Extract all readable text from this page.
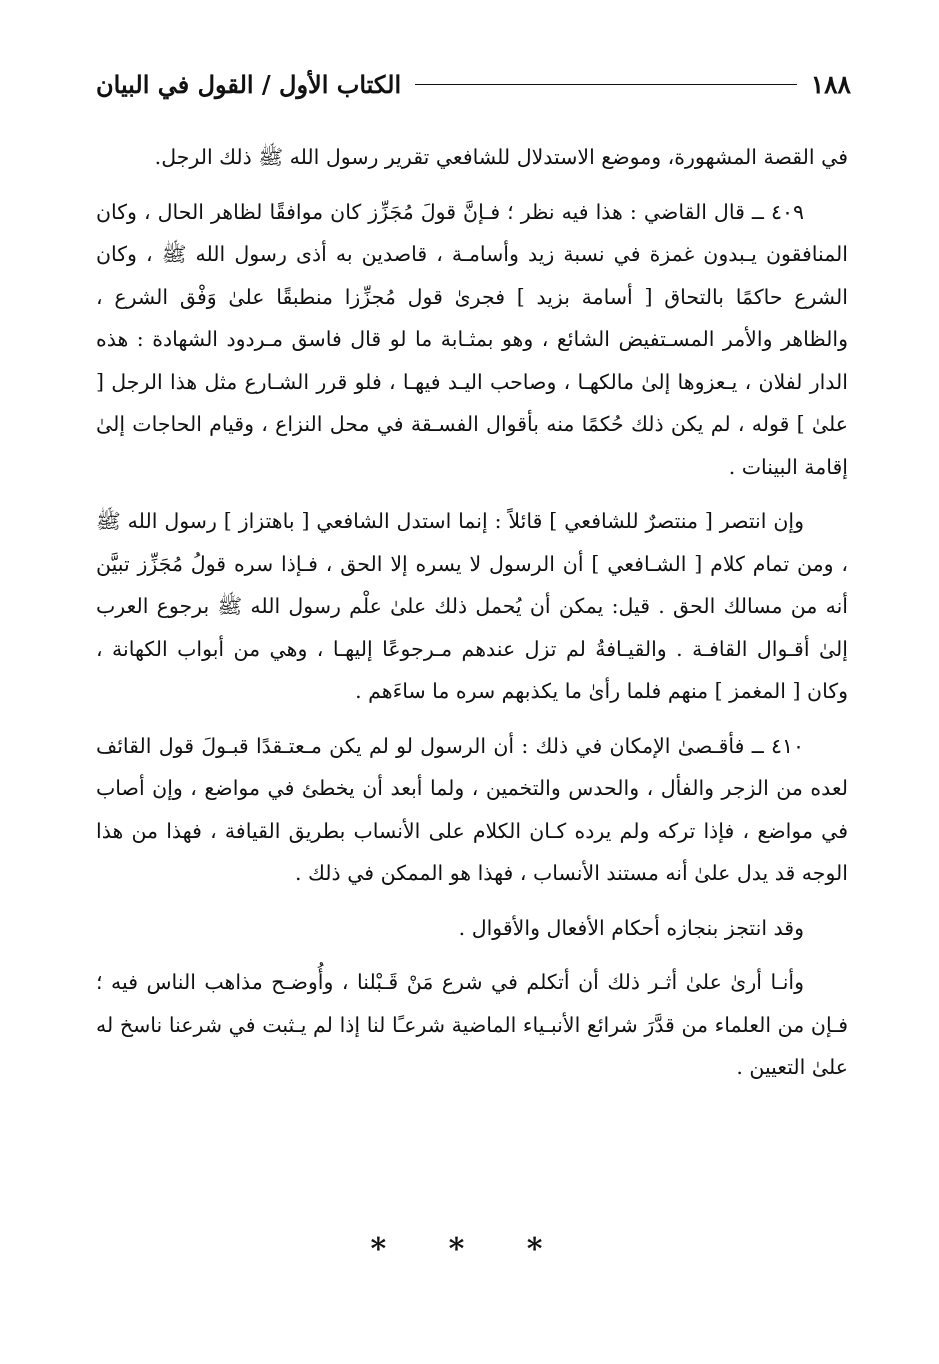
١٨٨
الكتاب الأول / القول في البيان

في القصة المشهورة، وموضع الاستدلال للشافعي تقرير رسول الله ﷺ ذلك الرجل.

٤٠٩ ــ قال القاضي : هذا فيه نظر ؛ فـإنَّ قولَ مُجَزِّز كان موافقًا لظاهر الحال ، وكان المنافقون يـبدون غمزة في نسبة زيد وأسامـة ، قاصدين به أذى رسول الله ﷺ ، وكان الشرع حاكمًا بالتحاق [ أسامة بزيد ] فجرىٰ قول مُجزِّزا منطبقًا علىٰ وَفْق الشرع ، والظاهر والأمر المسـتفيض الشائع ، وهو بمثـابة ما لو قال فاسق مـردود الشهادة : هذه الدار لفلان ، يـعزوها إلىٰ مالكهـا ، وصاحب اليـد فيهـا ، فلو قرر الشـارع مثل هذا الرجل [ علىٰ ] قوله ، لم يكن ذلك حُكمًا منه بأقوال الفسـقة في محل النزاع ، وقيام الحاجات إلىٰ إقامة البينات .

وإن انتصر [ منتصرٌ للشافعي ] قائلاً : إنما استدل الشافعي [ باهتزاز ] رسول الله ﷺ ، ومن تمام كلام [ الشـافعي ] أن الرسول لا يسره إلا الحق ، فـإذا سره قولُ مُجَزِّز تبيَّن أنه من مسالك الحق . قيل: يمكن أن يُحمل ذلك علىٰ علْم رسول الله ﷺ برجوع العرب إلىٰ أقـوال القافـة . والقيـافةُ لم تزل عندهم مـرجوعًا إليهـا ، وهي من أبواب الكهانة ، وكان [ المغمز ] منهم فلما رأىٰ ما يكذبهم سره ما ساءَهم .

٤١٠ ــ فأقـصىٰ الإمكان في ذلك : أن الرسول لو لم يكن مـعتـقدًا قبـولَ قول القائف لعده من الزجر والفأل ، والحدس والتخمين ، ولما أبعد أن يخطئ في مواضع ، وإن أصاب في مواضع ، فإذا تركه ولم يرده كـان الكلام على الأنساب بطريق القيافة ، فهذا من هذا الوجه قد يدل علىٰ أنه مستند الأنساب ، فهذا هو الممكن في ذلك .

وقد انتجز بنجازه أحكام الأفعال والأقوال .

وأنـا أرىٰ علىٰ أثـر ذلك أن أتكلم في شرع مَنْ قَـبْلنا ، وأُوضـح مذاهب الناس فيه ؛ فـإن من العلماء من قدَّرَ شرائع الأنبـياء الماضية شرعـًا لنا إذا لم يـثبت في شرعنا ناسخ له علىٰ التعيين .

* * *
